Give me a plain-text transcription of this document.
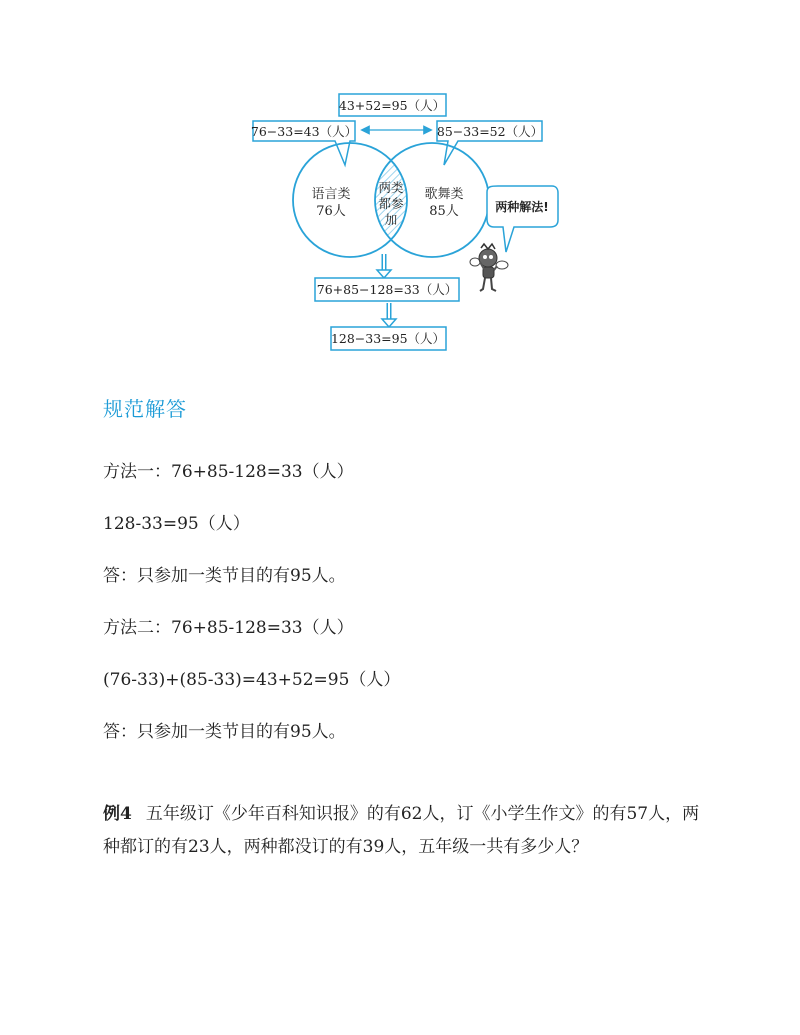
43+52=95（人）
76−33=43（人）	85−33=52（人）
语言类
76人
两类
都参
加
歌舞类
85人
76+85−128=33（人）
128−33=95（人）
两种解法!
规范解答
方法一：76+85-128=33（人）
128-33=95（人）
答：只参加一类节目的有95人。
方法二：76+85-128=33（人）
(76-33)+(85-33)=43+52=95（人）
答：只参加一类节目的有95人。
例4 五年级订《少年百科知识报》的有62人，订《小学生作文》的有57人，两种都订的有23人，两种都没订的有39人，五年级一共有多少人？
